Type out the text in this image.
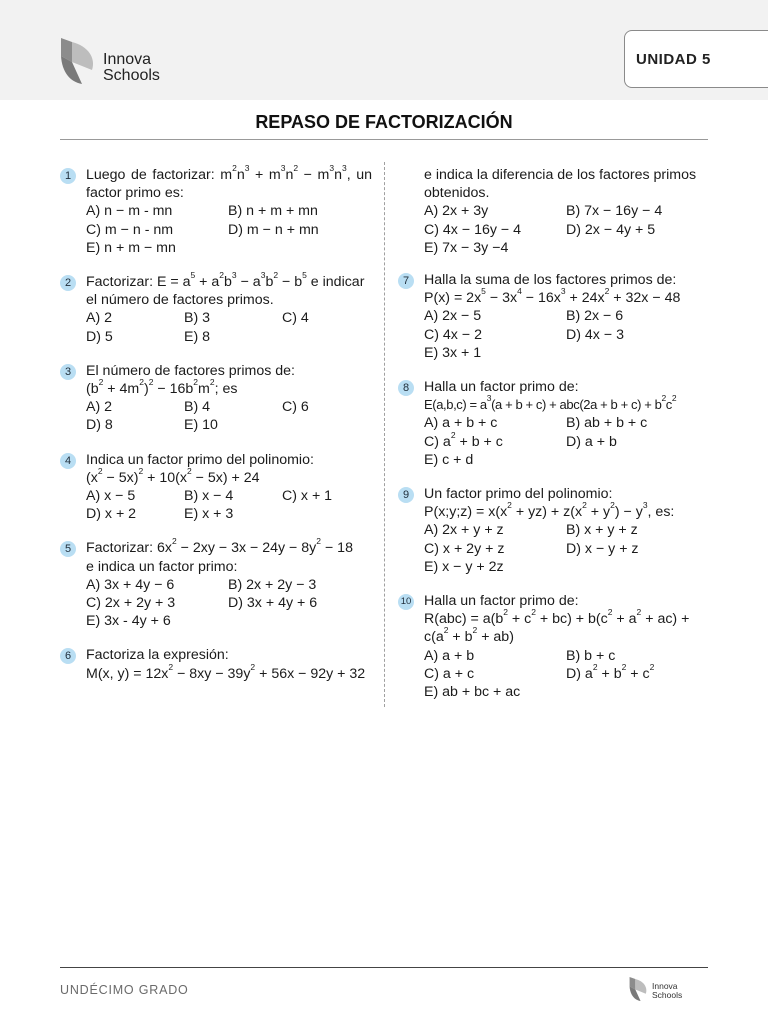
Innova
Schools
UNIDAD 5
REPASO DE FACTORIZACIÓN
1	Luego de factorizar: $m^2n^3 + m^3n^2 - m^3n^3$, un factor primo es:

A) n − m - mn	B) n + m + mn
C) m − n - nm	D) m − n + mn
E) n + m − mn
2	Factorizar: $E = a^5 + a^2b^3 - a^3b^2 - b^5$ e indicar el número de factores primos.

A) 2	B) 3	C) 4
D) 5	E) 8
3	El número de factores primos de:

$(b^2 + 4m^2)^2 - 16b^2m^2$; es

A) 2	B) 4	C) 6
D) 8	E) 10
4	Indica un factor primo del polinomio:

$(x^2 - 5x)^2 + 10(x^2 - 5x) + 24$

A) x − 5	B) x − 4	C) x + 1
D) x + 2	E) x + 3
5	Factorizar: $6x^2 - 2xy - 3x - 24y - 8y^2 - 18$

e indica un factor primo:

A) 3x + 4y − 6	B) 2x + 2y − 3
C) 2x + 2y + 3	D) 3x + 4y + 6
E) 3x - 4y + 6
6	Factoriza la expresión:

M(x, $y) = 12x^2 - 8xy - 39y^2 + 56x - 92y + 32$

e indica la diferencia de los factores primos obtenidos.

A) 2x + 3y	B) 7x − 16y − 4
C) 4x − 16y − 4	D) 2x − 4y + 5
E) 7x − 3y −4
7	Halla la suma de los factores primos de:

$P(x) = 2x^5 - 3x^4 - 16x^3 + 24x^2 + 32x - 48$

A) 2x − 5	B) 2x − 6
C) 4x − 2	D) 4x − 3
E) 3x + 1
8	Halla un factor primo de:

$E(a,b,c) = a^3(a + b + c) + abc(2a + b + c) + b^2c^2$

A) a + b + c	B) ab + b + c
C) $a^2 + b + c$	D) a + b
E) c + d
9	Un factor primo del polinomio:

P(x;y;z) = $x(x^2 + yz) + z(x^2 + y^2) - y^3$, es:

A) 2x + y + z	B) x + y + z
C) x + 2y + z	D) x − y + z
E) x − y + 2z
10 Halla un factor primo de:

$R(abc) = a(b^2 + c^2 + bc) + b(c^2 + a^2 + ac) + c(a^2 + b^2 + ab)$

A) a + b	B) b + c
C) a + c	D) $a^2 + b^2 + c^2$
E) ab + bc + ac
UNDÉCIMO GRADO	Innova
Schools
